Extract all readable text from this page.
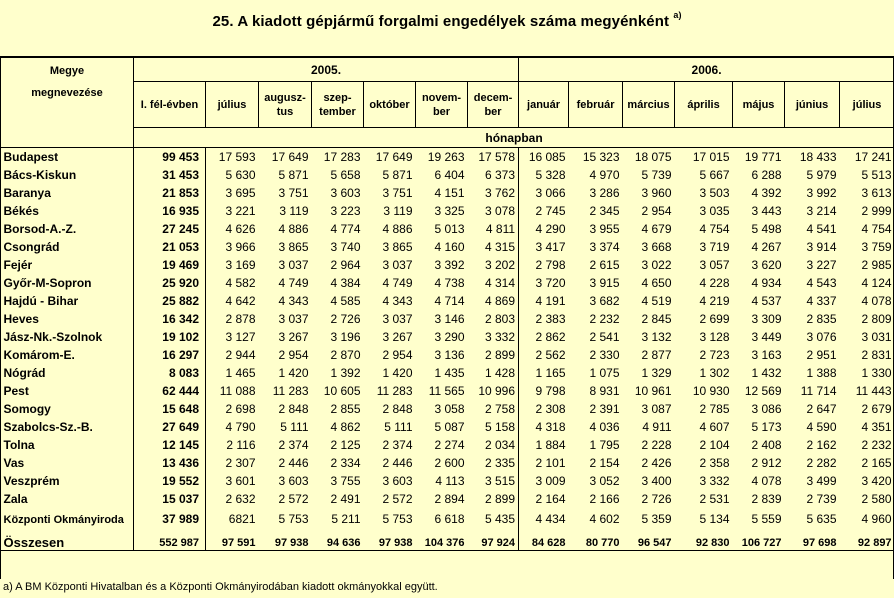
25. A kiadott gépjármű forgalmi engedélyek száma megyénként $^{a)}$
Megye megnevezése	2005.							2006.						
	I. fél-évben	július	augusz-tus	szep-tember	október	novem-ber	decem-ber	január	február	március	április	május	június	július
	hónapban													
Budapest	99 453	17 593	17 649	17 283	17 649	19 263	17 578	16 085	15 323	18 075	17 015	19 771	18 433	17 241
Bács-Kiskun	31 453	5 630	5 871	5 658	5 871	6 404	6 373	5 328	4 970	5 739	5 667	6 288	5 979	5 513
Baranya	21 853	3 695	3 751	3 603	3 751	4 151	3 762	3 066	3 286	3 960	3 503	4 392	3 992	3 613
Békés	16 935	3 221	3 119	3 223	3 119	3 325	3 078	2 745	2 345	2 954	3 035	3 443	3 214	2 999
Borsod-A.-Z.	27 245	4 626	4 886	4 774	4 886	5 013	4 811	4 290	3 955	4 679	4 754	5 498	4 541	4 754
Csongrád	21 053	3 966	3 865	3 740	3 865	4 160	4 315	3 417	3 374	3 668	3 719	4 267	3 914	3 759
Fejér	19 469	3 169	3 037	2 964	3 037	3 392	3 202	2 798	2 615	3 022	3 057	3 620	3 227	2 985
Győr-M-Sopron	25 920	4 582	4 749	4 384	4 749	4 738	4 314	3 720	3 915	4 650	4 228	4 934	4 543	4 124
Hajdú - Bihar	25 882	4 642	4 343	4 585	4 343	4 714	4 869	4 191	3 682	4 519	4 219	4 537	4 337	4 078
Heves	16 342	2 878	3 037	2 726	3 037	3 146	2 803	2 383	2 232	2 845	2 699	3 309	2 835	2 809
Jász-Nk.-Szolnok	19 102	3 127	3 267	3 196	3 267	3 290	3 332	2 862	2 541	3 132	3 128	3 449	3 076	3 031
Komárom-E.	16 297	2 944	2 954	2 870	2 954	3 136	2 899	2 562	2 330	2 877	2 723	3 163	2 951	2 831
Nógrád	8 083	1 465	1 420	1 392	1 420	1 435	1 428	1 165	1 075	1 329	1 302	1 432	1 388	1 330
Pest	62 444	11 088	11 283	10 605	11 283	11 565	10 996	9 798	8 931	10 961	10 930	12 569	11 714	11 443
Somogy	15 648	2 698	2 848	2 855	2 848	3 058	2 758	2 308	2 391	3 087	2 785	3 086	2 647	2 679
Szabolcs-Sz.-B.	27 649	4 790	5 111	4 862	5 111	5 087	5 158	4 318	4 036	4 911	4 607	5 173	4 590	4 351
Tolna	12 145	2 116	2 374	2 125	2 374	2 274	2 034	1 884	1 795	2 228	2 104	2 408	2 162	2 232
Vas	13 436	2 307	2 446	2 334	2 446	2 600	2 335	2 101	2 154	2 426	2 358	2 912	2 282	2 165
Veszprém	19 552	3 601	3 603	3 755	3 603	4 113	3 515	3 009	3 052	3 400	3 332	4 078	3 499	3 420
Zala	15 037	2 632	2 572	2 491	2 572	2 894	2 899	2 164	2 166	2 726	2 531	2 839	2 739	2 580
Központi Okmányiroda	37 989	6821	5 753	5 211	5 753	6 618	5 435	4 434	4 602	5 359	5 134	5 559	5 635	4 960
Összesen	552 987	97 591	97 938	94 636	97 938	104 376	97 924	84 628	80 770	96 547	92 830	106 727	97 698	92 897
a) A BM Központi Hivatalban és a Központi Okmányirodában kiadott okmányokkal együtt.
